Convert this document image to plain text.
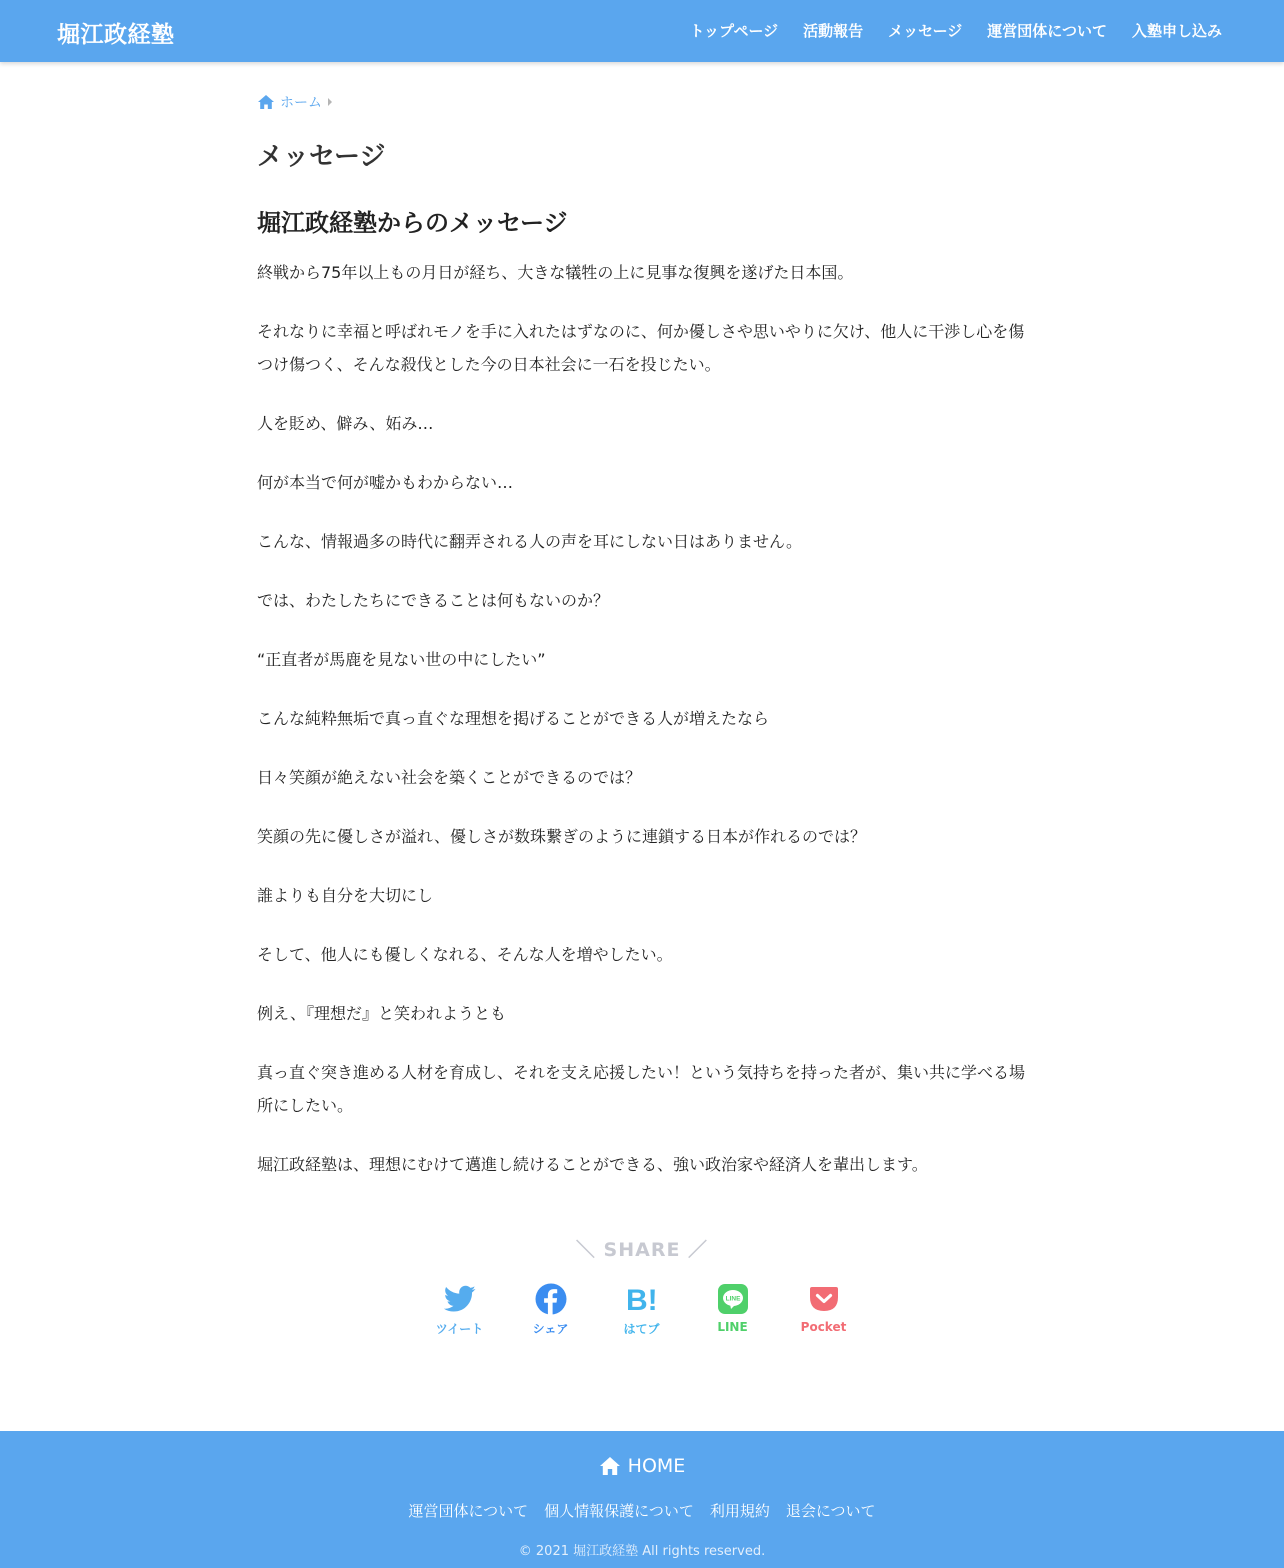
堀江政経塾	トップページ 活動報告 メッセージ 運営団体について 入塾申し込み
ホーム
メッセージ
堀江政経塾からのメッセージ

終戦から75年以上もの月日が経ち、大きな犠牲の上に見事な復興を遂げた日本国。

それなりに幸福と呼ばれモノを手に入れたはずなのに、何か優しさや思いやりに欠け、他人に干渉し心を傷つけ傷つく、そんな殺伐とした今の日本社会に一石を投じたい。

人を貶め、僻み、妬み…

何が本当で何が嘘かもわからない…

こんな、情報過多の時代に翻弄される人の声を耳にしない日はありません。

では、わたしたちにできることは何もないのか？

“正直者が馬鹿を見ない世の中にしたい”

こんな純粋無垢で真っ直ぐな理想を掲げることができる人が増えたなら

日々笑顔が絶えない社会を築くことができるのでは？

笑顔の先に優しさが溢れ、優しさが数珠繋ぎのように連鎖する日本が作れるのでは？

誰よりも自分を大切にし

そして、他人にも優しくなれる、そんな人を増やしたい。

例え、『理想だ』と笑われようとも

真っ直ぐ突き進める人材を育成し、それを支え応援したい！という気持ちを持った者が、集い共に学べる場所にしたい。

堀江政経塾は、理想にむけて邁進し続けることができる、強い政治家や経済人を輩出します。

＼ SHARE ／
ツイート	シェア
B!
はてブ
LINE
LINE	Pocket
HOME
運営団体について 個人情報保護について 利用規約 退会について
© 2021 堀江政経塾 All rights reserved.
